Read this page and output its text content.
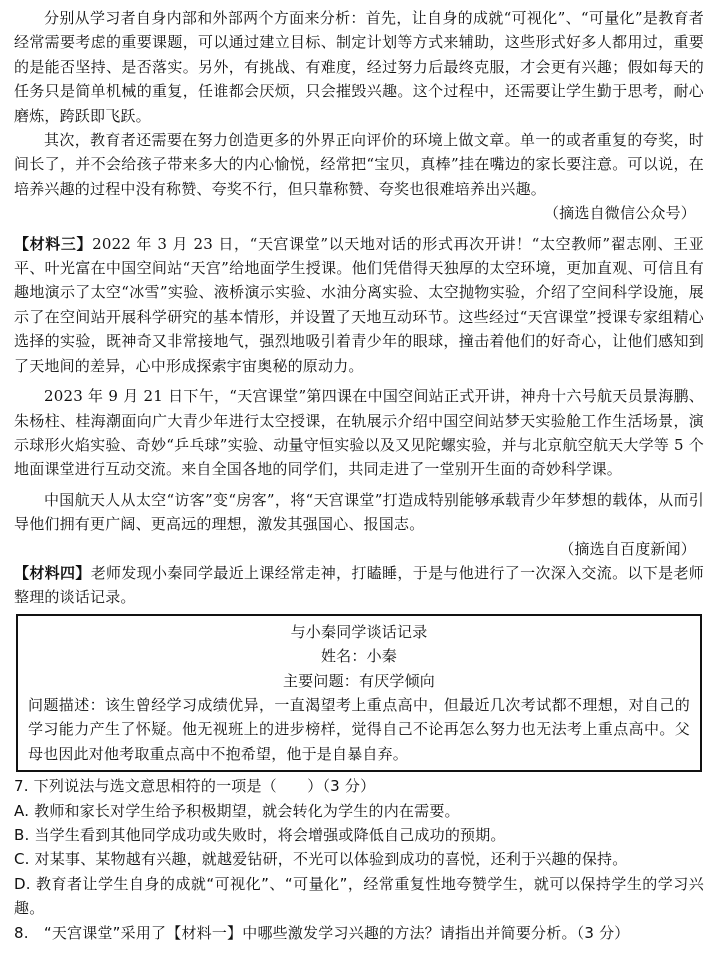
分别从学习者自身内部和外部两个方面来分析：首先，让自身的成就“可视化”、“可量化”是教育者经常需要考虑的重要课题，可以通过建立目标、制定计划等方式来辅助，这些形式好多人都用过，重要的是能否坚持、是否落实。另外，有挑战、有难度，经过努力后最终克服，才会更有兴趣；假如每天的任务只是简单机械的重复，任谁都会厌烦，只会摧毁兴趣。这个过程中，还需要让学生勤于思考，耐心磨炼，跨跃即飞跃。

其次，教育者还需要在努力创造更多的外界正向评价的环境上做文章。单一的或者重复的夸奖，时间长了，并不会给孩子带来多大的内心愉悦，经常把“宝贝，真棒”挂在嘴边的家长要注意。可以说，在培养兴趣的过程中没有称赞、夸奖不行，但只靠称赞、夸奖也很难培养出兴趣。

（摘选自微信公众号）

【材料三】2022 年 3 月 23 日，“天宫课堂”以天地对话的形式再次开讲！“太空教师”翟志刚、王亚平、叶光富在中国空间站“天宫”给地面学生授课。他们凭借得天独厚的太空环境，更加直观、可信且有趣地演示了太空“冰雪”实验、液桥演示实验、水油分离实验、太空抛物实验，介绍了空间科学设施，展示了在空间站开展科学研究的基本情形，并设置了天地互动环节。这些经过“天宫课堂”授课专家组精心选择的实验，既神奇又非常接地气，强烈地吸引着青少年的眼球，撞击着他们的好奇心，让他们感知到了天地间的差异，心中形成探索宇宙奥秘的原动力。

2023 年 9 月 21 日下午，“天宫课堂”第四课在中国空间站正式开讲，神舟十六号航天员景海鹏、朱杨柱、桂海潮面向广大青少年进行太空授课，在轨展示介绍中国空间站梦天实验舱工作生活场景，演示球形火焰实验、奇妙“乒乓球”实验、动量守恒实验以及又见陀螺实验，并与北京航空航天大学等 5 个地面课堂进行互动交流。来自全国各地的同学们，共同走进了一堂别开生面的奇妙科学课。

中国航天人从太空“访客”变“房客”，将“天宫课堂”打造成特别能够承载青少年梦想的载体，从而引导他们拥有更广阔、更高远的理想，激发其强国心、报国志。

（摘选自百度新闻）

【材料四】老师发现小秦同学最近上课经常走神，打瞌睡，于是与他进行了一次深入交流。以下是老师整理的谈话记录。

与小秦同学谈话记录

姓名：小秦

主要问题：有厌学倾向

问题描述：该生曾经学习成绩优异，一直渴望考上重点高中，但最近几次考试都不理想，对自己的学习能力产生了怀疑。他无视班上的进步榜样，觉得自己不论再怎么努力也无法考上重点高中。父母也因此对他考取重点高中不抱希望，他于是自暴自弃。

7. 下列说法与选文意思相符的一项是（　　）（3 分）

A. 教师和家长对学生给予积极期望，就会转化为学生的内在需要。

B. 当学生看到其他同学成功或失败时，将会增强或降低自己成功的预期。

C. 对某事、某物越有兴趣，就越爱钻研，不光可以体验到成功的喜悦，还利于兴趣的保持。

D. 教育者让学生自身的成就“可视化”、“可量化”，经常重复性地夸赞学生，就可以保持学生的学习兴趣。

8.　“天宫课堂”采用了【材料一】中哪些激发学习兴趣的方法？请指出并简要分析。（3 分）
